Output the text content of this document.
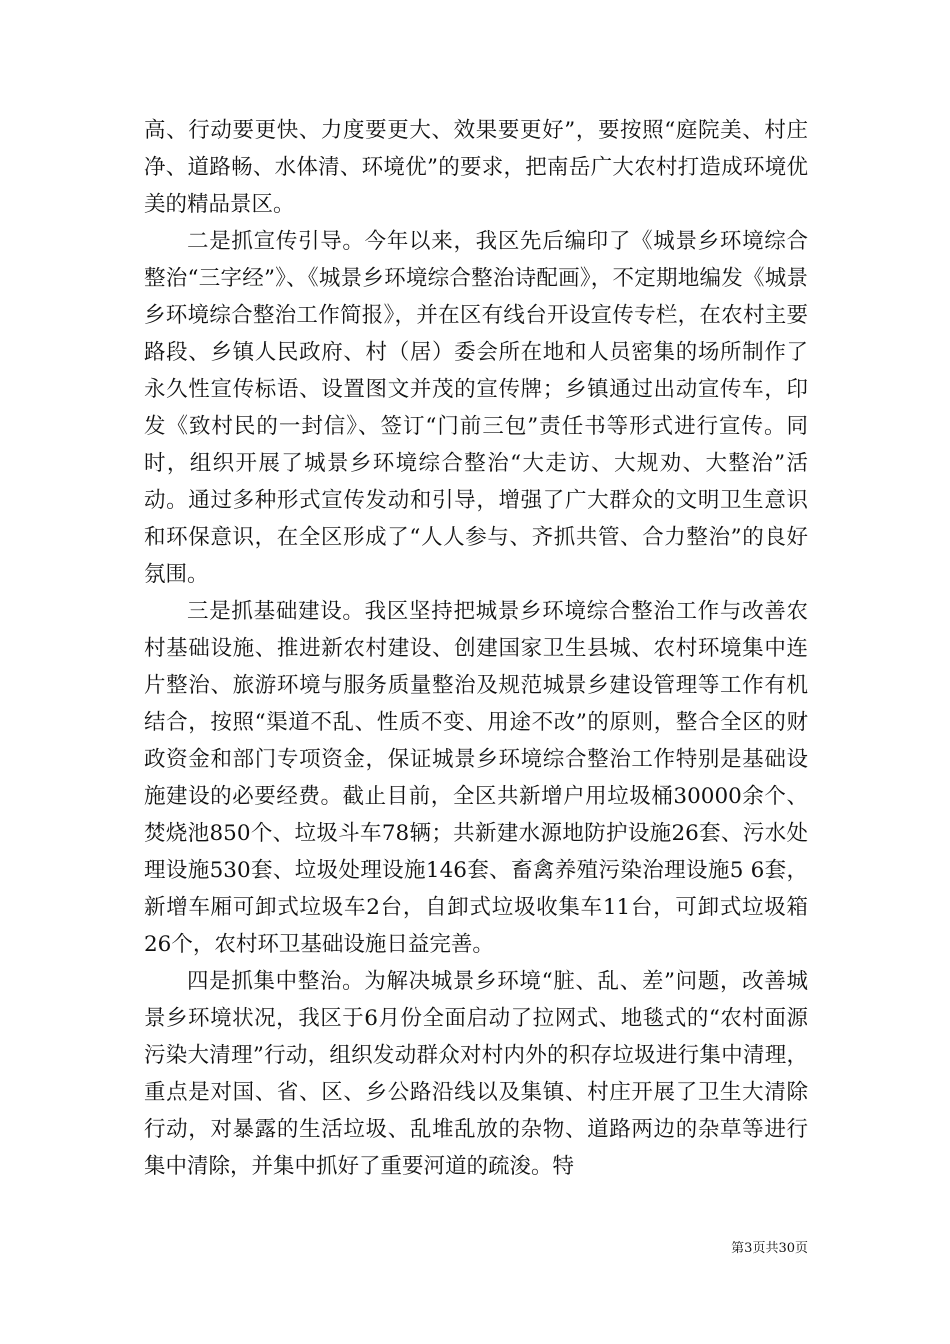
高、行动要更快、力度要更大、效果要更好”，要按照“庭院美、村庄净、道路畅、水体清、环境优”的要求，把南岳广大农村打造成环境优美的精品景区。

二是抓宣传引导。今年以来，我区先后编印了《城景乡环境综合整治“三字经”》、《城景乡环境综合整治诗配画》，不定期地编发《城景乡环境综合整治工作简报》，并在区有线台开设宣传专栏，在农村主要路段、乡镇人民政府、村（居）委会所在地和人员密集的场所制作了永久性宣传标语、设置图文并茂的宣传牌；乡镇通过出动宣传车，印发《致村民的一封信》、签订“门前三包”责任书等形式进行宣传。同时，组织开展了城景乡环境综合整治“大走访、大规劝、大整治”活动。通过多种形式宣传发动和引导，增强了广大群众的文明卫生意识和环保意识，在全区形成了“人人参与、齐抓共管、合力整治”的良好氛围。

三是抓基础建设。我区坚持把城景乡环境综合整治工作与改善农村基础设施、推进新农村建设、创建国家卫生县城、农村环境集中连片整治、旅游环境与服务质量整治及规范城景乡建设管理等工作有机结合，按照“渠道不乱、性质不变、用途不改”的原则，整合全区的财政资金和部门专项资金，保证城景乡环境综合整治工作特别是基础设施建设的必要经费。截止目前，全区共新增户用垃圾桶30000余个、焚烧池850个、垃圾斗车78辆；共新建水源地防护设施26套、污水处理设施530套、垃圾处理设施146套、畜禽养殖污染治理设施5 6套，新增车厢可卸式垃圾车2台，自卸式垃圾收集车11台，可卸式垃圾箱26个，农村环卫基础设施日益完善。

四是抓集中整治。为解决城景乡环境“脏、乱、差”问题，改善城景乡环境状况，我区于6月份全面启动了拉网式、地毯式的“农村面源污染大清理”行动，组织发动群众对村内外的积存垃圾进行集中清理，重点是对国、省、区、乡公路沿线以及集镇、村庄开展了卫生大清除行动，对暴露的生活垃圾、乱堆乱放的杂物、道路两边的杂草等进行集中清除，并集中抓好了重要河道的疏浚。特

第3页共30页
